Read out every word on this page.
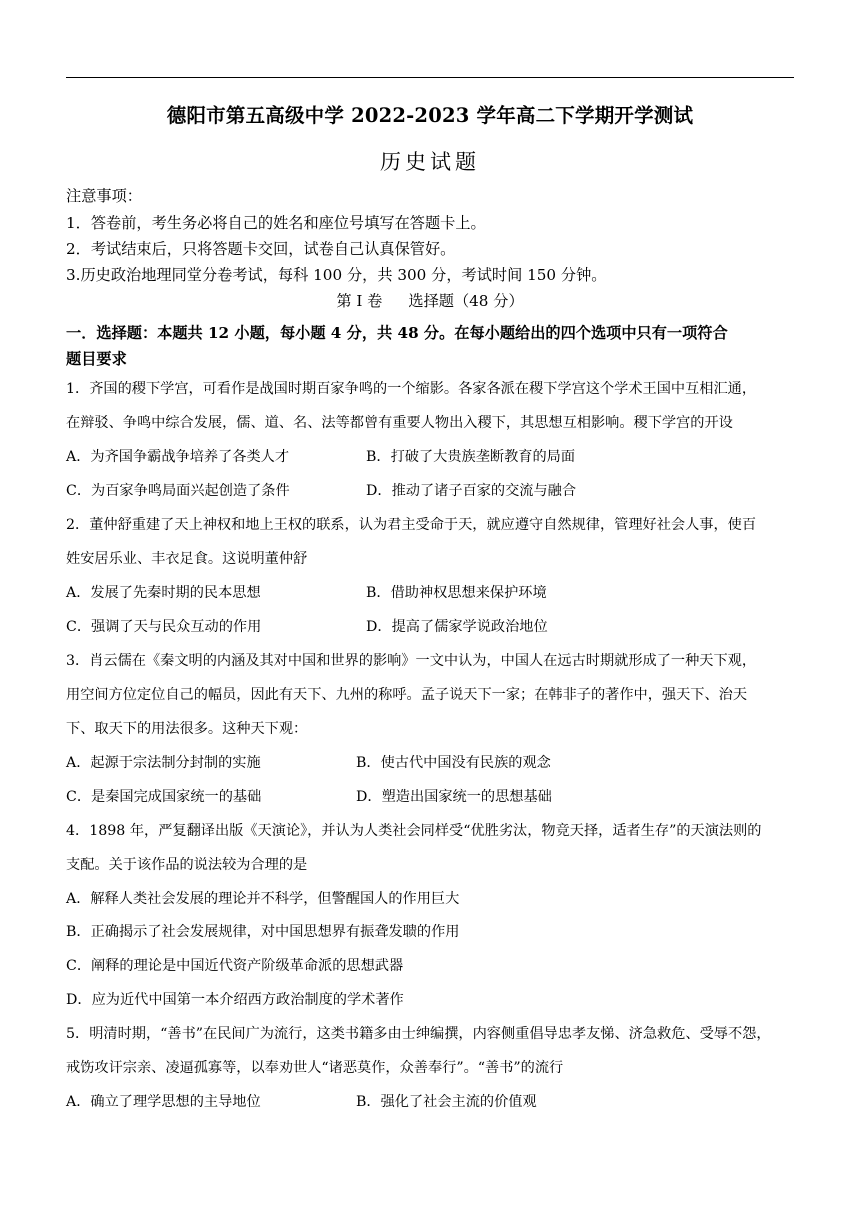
德阳市第五高级中学 2022-2023 学年高二下学期开学测试
历史试题
注意事项：
1．答卷前，考生务必将自己的姓名和座位号填写在答题卡上。
2．考试结束后，只将答题卡交回，试卷自己认真保管好。
3.历史政治地理同堂分卷考试，每科 100 分，共 300 分，考试时间 150 分钟。
第 I 卷 选择题（48 分）
一．选择题：本题共 12 小题，每小题 4 分，共 48 分。在每小题给出的四个选项中只有一项符合
题目要求
1．齐国的稷下学宫，可看作是战国时期百家争鸣的一个缩影。各家各派在稷下学宫这个学术王国中互相汇通，
在辩驳、争鸣中综合发展，儒、道、名、法等都曾有重要人物出入稷下，其思想互相影响。稷下学宫的开设
A．为齐国争霸战争培养了各类人才	B．打破了大贵族垄断教育的局面
C．为百家争鸣局面兴起创造了条件	D．推动了诸子百家的交流与融合
2．董仲舒重建了天上神权和地上王权的联系，认为君主受命于天，就应遵守自然规律，管理好社会人事，使百
姓安居乐业、丰衣足食。这说明董仲舒
A．发展了先秦时期的民本思想	B．借助神权思想来保护环境
C．强调了天与民众互动的作用	D．提高了儒家学说政治地位
3．肖云儒在《秦文明的内涵及其对中国和世界的影响》一文中认为，中国人在远古时期就形成了一种天下观，
用空间方位定位自己的幅员，因此有天下、九州的称呼。孟子说天下一家；在韩非子的著作中，强天下、治天
下、取天下的用法很多。这种天下观：
A．起源于宗法制分封制的实施	B．使古代中国没有民族的观念
C．是秦国完成国家统一的基础	D．塑造出国家统一的思想基础
4．1898 年，严复翻译出版《天演论》，并认为人类社会同样受“优胜劣汰，物竞天择，适者生存”的天演法则的
支配。关于该作品的说法较为合理的是
A．解释人类社会发展的理论并不科学，但警醒国人的作用巨大
B．正确揭示了社会发展规律，对中国思想界有振聋发聩的作用
C．阐释的理论是中国近代资产阶级革命派的思想武器
D．应为近代中国第一本介绍西方政治制度的学术著作
5．明清时期，“善书”在民间广为流行，这类书籍多由士绅编撰，内容侧重倡导忠孝友悌、济急救危、受辱不怨，
戒饬攻讦宗亲、凌逼孤寡等，以奉劝世人“诸恶莫作，众善奉行”。“善书”的流行
A．确立了理学思想的主导地位	B．强化了社会主流的价值观
